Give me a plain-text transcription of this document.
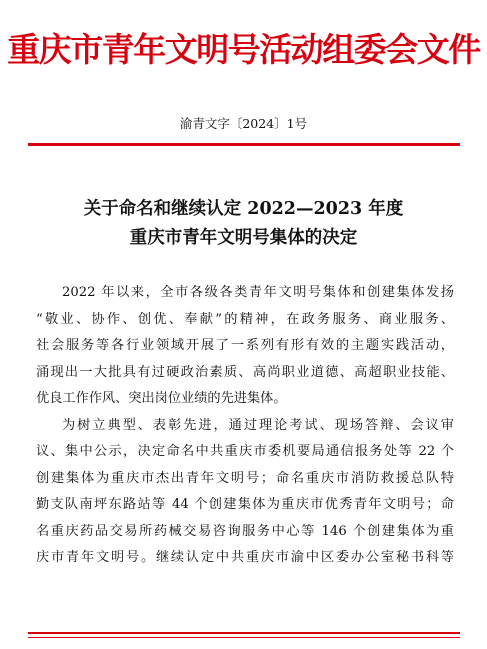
重庆市青年文明号活动组委会文件
渝青文字〔2024〕1号
关于命名和继续认定 2022—2023 年度
重庆市青年文明号集体的决定
2022 年以来，全市各级各类青年文明号集体和创建集体发扬
“敬业、协作、创优、奉献”的精神，在政务服务、商业服务、
社会服务等各行业领域开展了一系列有形有效的主题实践活动，
涌现出一大批具有过硬政治素质、高尚职业道德、高超职业技能、
优良工作作风、突出岗位业绩的先进集体。
为树立典型、表彰先进，通过理论考试、现场答辩、会议审
议、集中公示，决定命名中共重庆市委机要局通信报务处等 22 个
创建集体为重庆市杰出青年文明号；命名重庆市消防救援总队特
勤支队南坪东路站等 44 个创建集体为重庆市优秀青年文明号；命
名重庆药品交易所药械交易咨询服务中心等 146 个创建集体为重
庆市青年文明号。继续认定中共重庆市渝中区委办公室秘书科等
